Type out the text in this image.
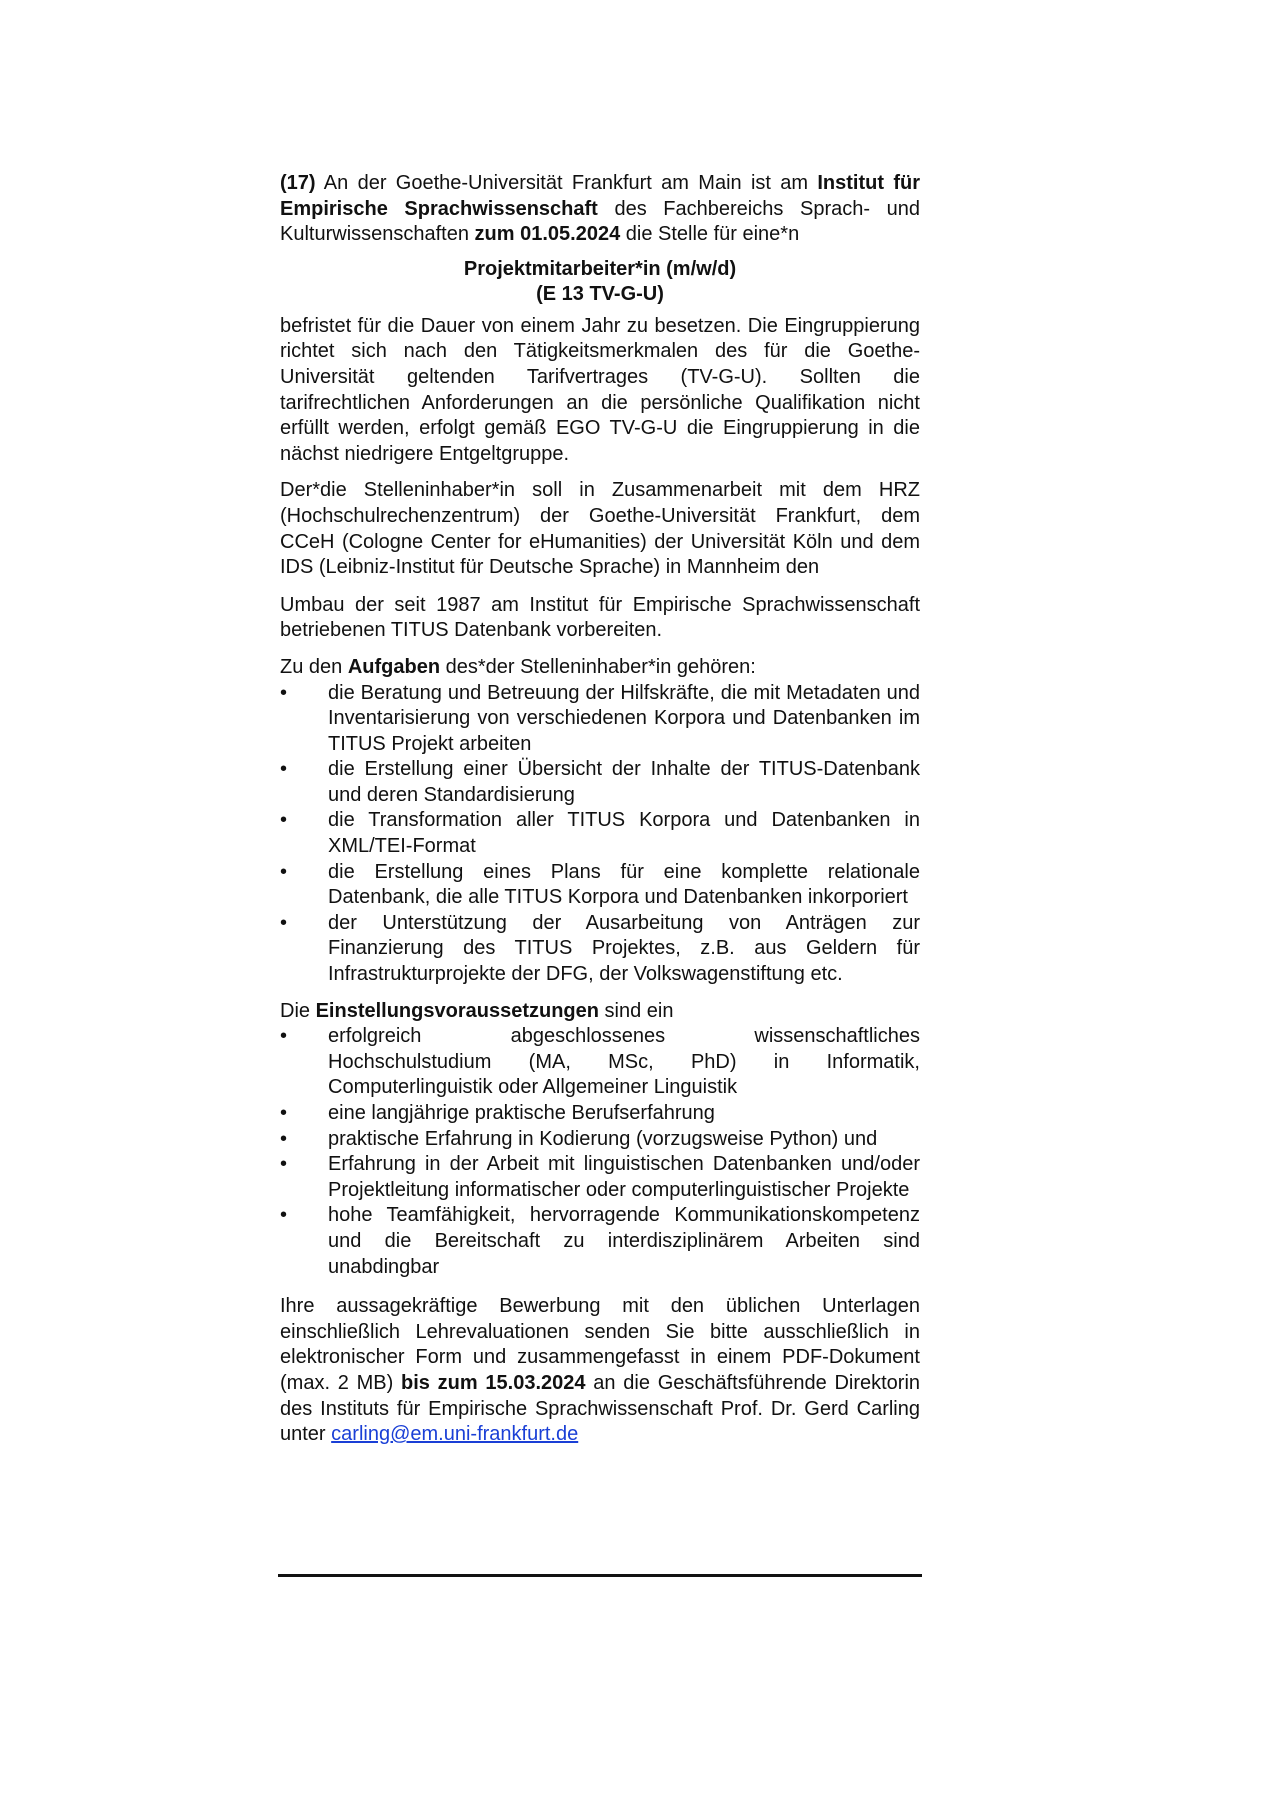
(17) An der Goethe-Universität Frankfurt am Main ist am Institut für Empirische Sprachwissenschaft des Fachbereichs Sprach- und Kulturwissenschaften zum 01.05.2024 die Stelle für eine*n

Projektmitarbeiter*in (m/w/d)
(E 13 TV-G-U)

befristet für die Dauer von einem Jahr zu besetzen. Die Eingruppierung richtet sich nach den Tätigkeitsmerkmalen des für die Goethe-Universität geltenden Tarifvertrages (TV-G-U). Sollten die tarifrechtlichen Anforderungen an die persönliche Qualifikation nicht erfüllt werden, erfolgt gemäß EGO TV-G-U die Eingruppierung in die nächst niedrigere Entgeltgruppe.

Der*die Stelleninhaber*in soll in Zusammenarbeit mit dem HRZ (Hochschulrechenzentrum) der Goethe-Universität Frankfurt, dem CCeH (Cologne Center for eHumanities) der Universität Köln und dem IDS (Leibniz-Institut für Deutsche Sprache) in Mannheim den

Umbau der seit 1987 am Institut für Empirische Sprachwissenschaft betriebenen TITUS Datenbank vorbereiten.

Zu den Aufgaben des*der Stelleninhaber*in gehören:

• die Beratung und Betreuung der Hilfskräfte, die mit Metadaten und Inventarisierung von verschiedenen Korpora und Datenbanken im TITUS Projekt arbeiten
• die Erstellung einer Übersicht der Inhalte der TITUS-Datenbank und deren Standardisierung
• die Transformation aller TITUS Korpora und Datenbanken in XML/TEI-Format
• die Erstellung eines Plans für eine komplette relationale Datenbank, die alle TITUS Korpora und Datenbanken inkorporiert
• der Unterstützung der Ausarbeitung von Anträgen zur Finanzierung des TITUS Projektes, z.B. aus Geldern für Infrastrukturprojekte der DFG, der Volkswagenstiftung etc.

Die Einstellungsvoraussetzungen sind ein

• erfolgreich abgeschlossenes wissenschaftliches Hochschulstudium (MA, MSc, PhD) in Informatik, Computerlinguistik oder Allgemeiner Linguistik
• eine langjährige praktische Berufserfahrung
• praktische Erfahrung in Kodierung (vorzugsweise Python) und
• Erfahrung in der Arbeit mit linguistischen Datenbanken und/oder Projektleitung informatischer oder computerlinguistischer Projekte
• hohe Teamfähigkeit, hervorragende Kommunikationskompetenz und die Bereitschaft zu interdisziplinärem Arbeiten sind unabdingbar

Ihre aussagekräftige Bewerbung mit den üblichen Unterlagen einschließlich Lehrevaluationen senden Sie bitte ausschließlich in elektronischer Form und zusammengefasst in einem PDF-Dokument (max. 2 MB) bis zum 15.03.2024 an die Geschäftsführende Direktorin des Instituts für Empirische Sprachwissenschaft Prof. Dr. Gerd Carling unter carling@em.uni-frankfurt.de
